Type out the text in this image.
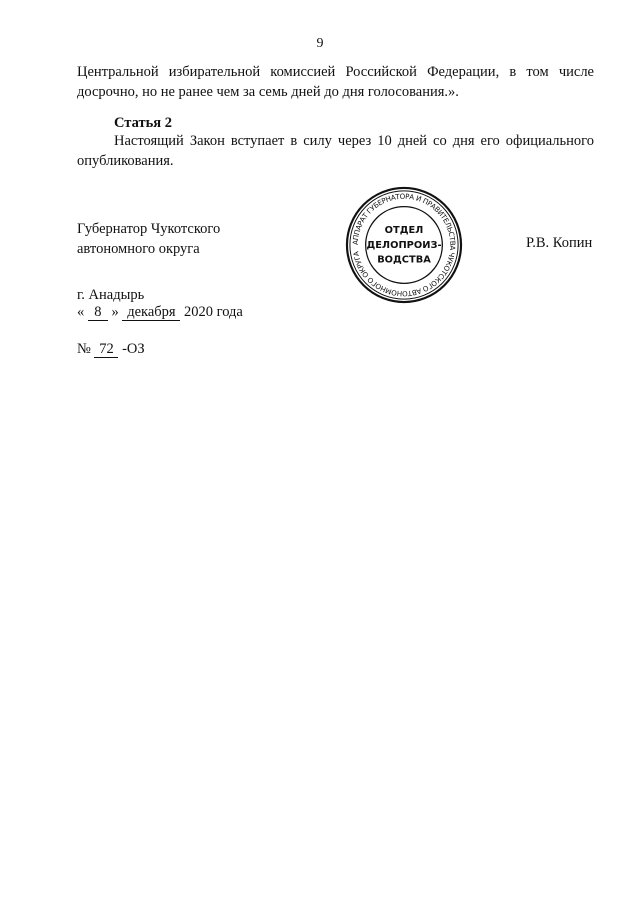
9
Центральной избирательной комиссией Российской Федерации, в том числе
досрочно, но не ранее чем за семь дней до дня голосования.».
Статья 2
Настоящий Закон вступает в силу через 10 дней со дня его официального
опубликования.
Губернатор Чукотского
автономного округа	Р.В. Копин
АППАРАТ ГУБЕРНАТОРА И ПРАВИТЕЛЬСТВА ЧУКОТСКОГО АВТОНОМНОГО ОКРУГА
ОТДЕЛ
ДЕЛОПРОИЗ-
ВОДСТВА
г. Анадырь
« 8 » декабря 2020 года
№ 72 -ОЗ
